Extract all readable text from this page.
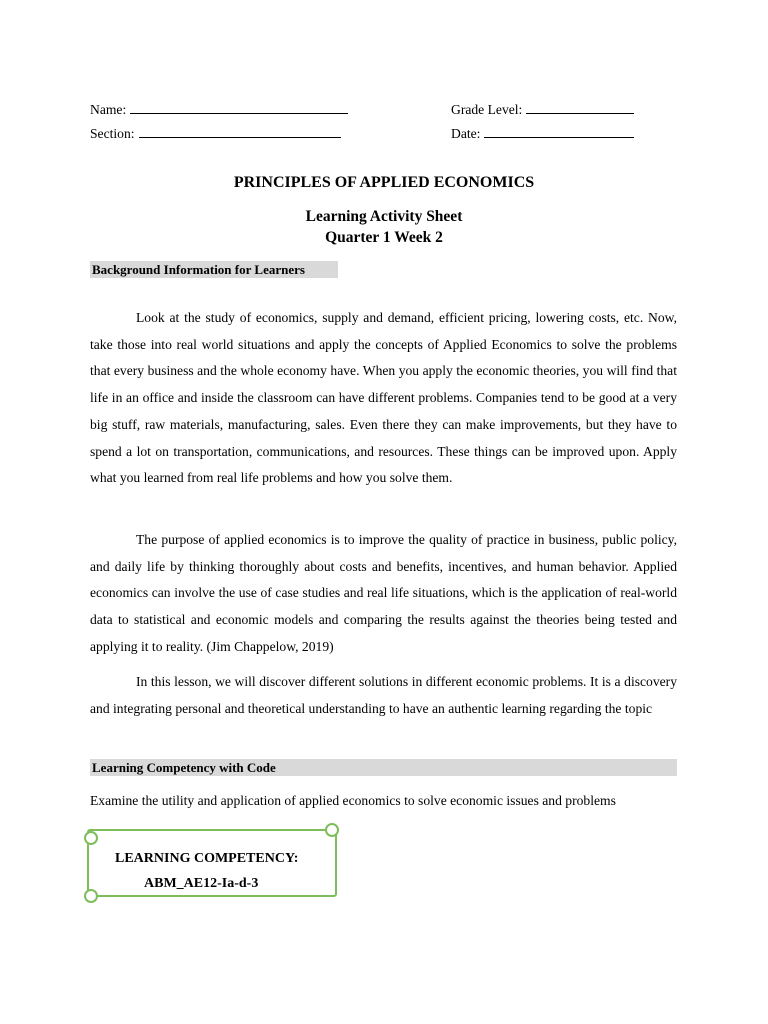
Name:	Grade Level:
Section:	Date:
PRINCIPLES OF APPLIED ECONOMICS
Learning Activity Sheet
Quarter 1 Week 2
Background Information for Learners

Look at the study of economics, supply and demand, efficient pricing, lowering costs, etc. Now, take those into real world situations and apply the concepts of Applied Economics to solve the problems that every business and the whole economy have. When you apply the economic theories, you will find that life in an office and inside the classroom can have different problems. Companies tend to be good at a very big stuff, raw materials, manufacturing, sales. Even there they can make improvements, but they have to spend a lot on transportation, communications, and resources. These things can be improved upon. Apply what you learned from real life problems and how you solve them.

The purpose of applied economics is to improve the quality of practice in business, public policy, and daily life by thinking thoroughly about costs and benefits, incentives, and human behavior. Applied economics can involve the use of case studies and real life situations, which is the application of real-world data to statistical and economic models and comparing the results against the theories being tested and applying it to reality. (Jim Chappelow, 2019)

In this lesson, we will discover different solutions in different economic problems. It is a discovery and integrating personal and theoretical understanding to have an authentic learning regarding the topic

Learning Competency with Code
Examine the utility and application of applied economics to solve economic issues and problems
LEARNING COMPETENCY:
ABM_AE12-Ia-d-3
